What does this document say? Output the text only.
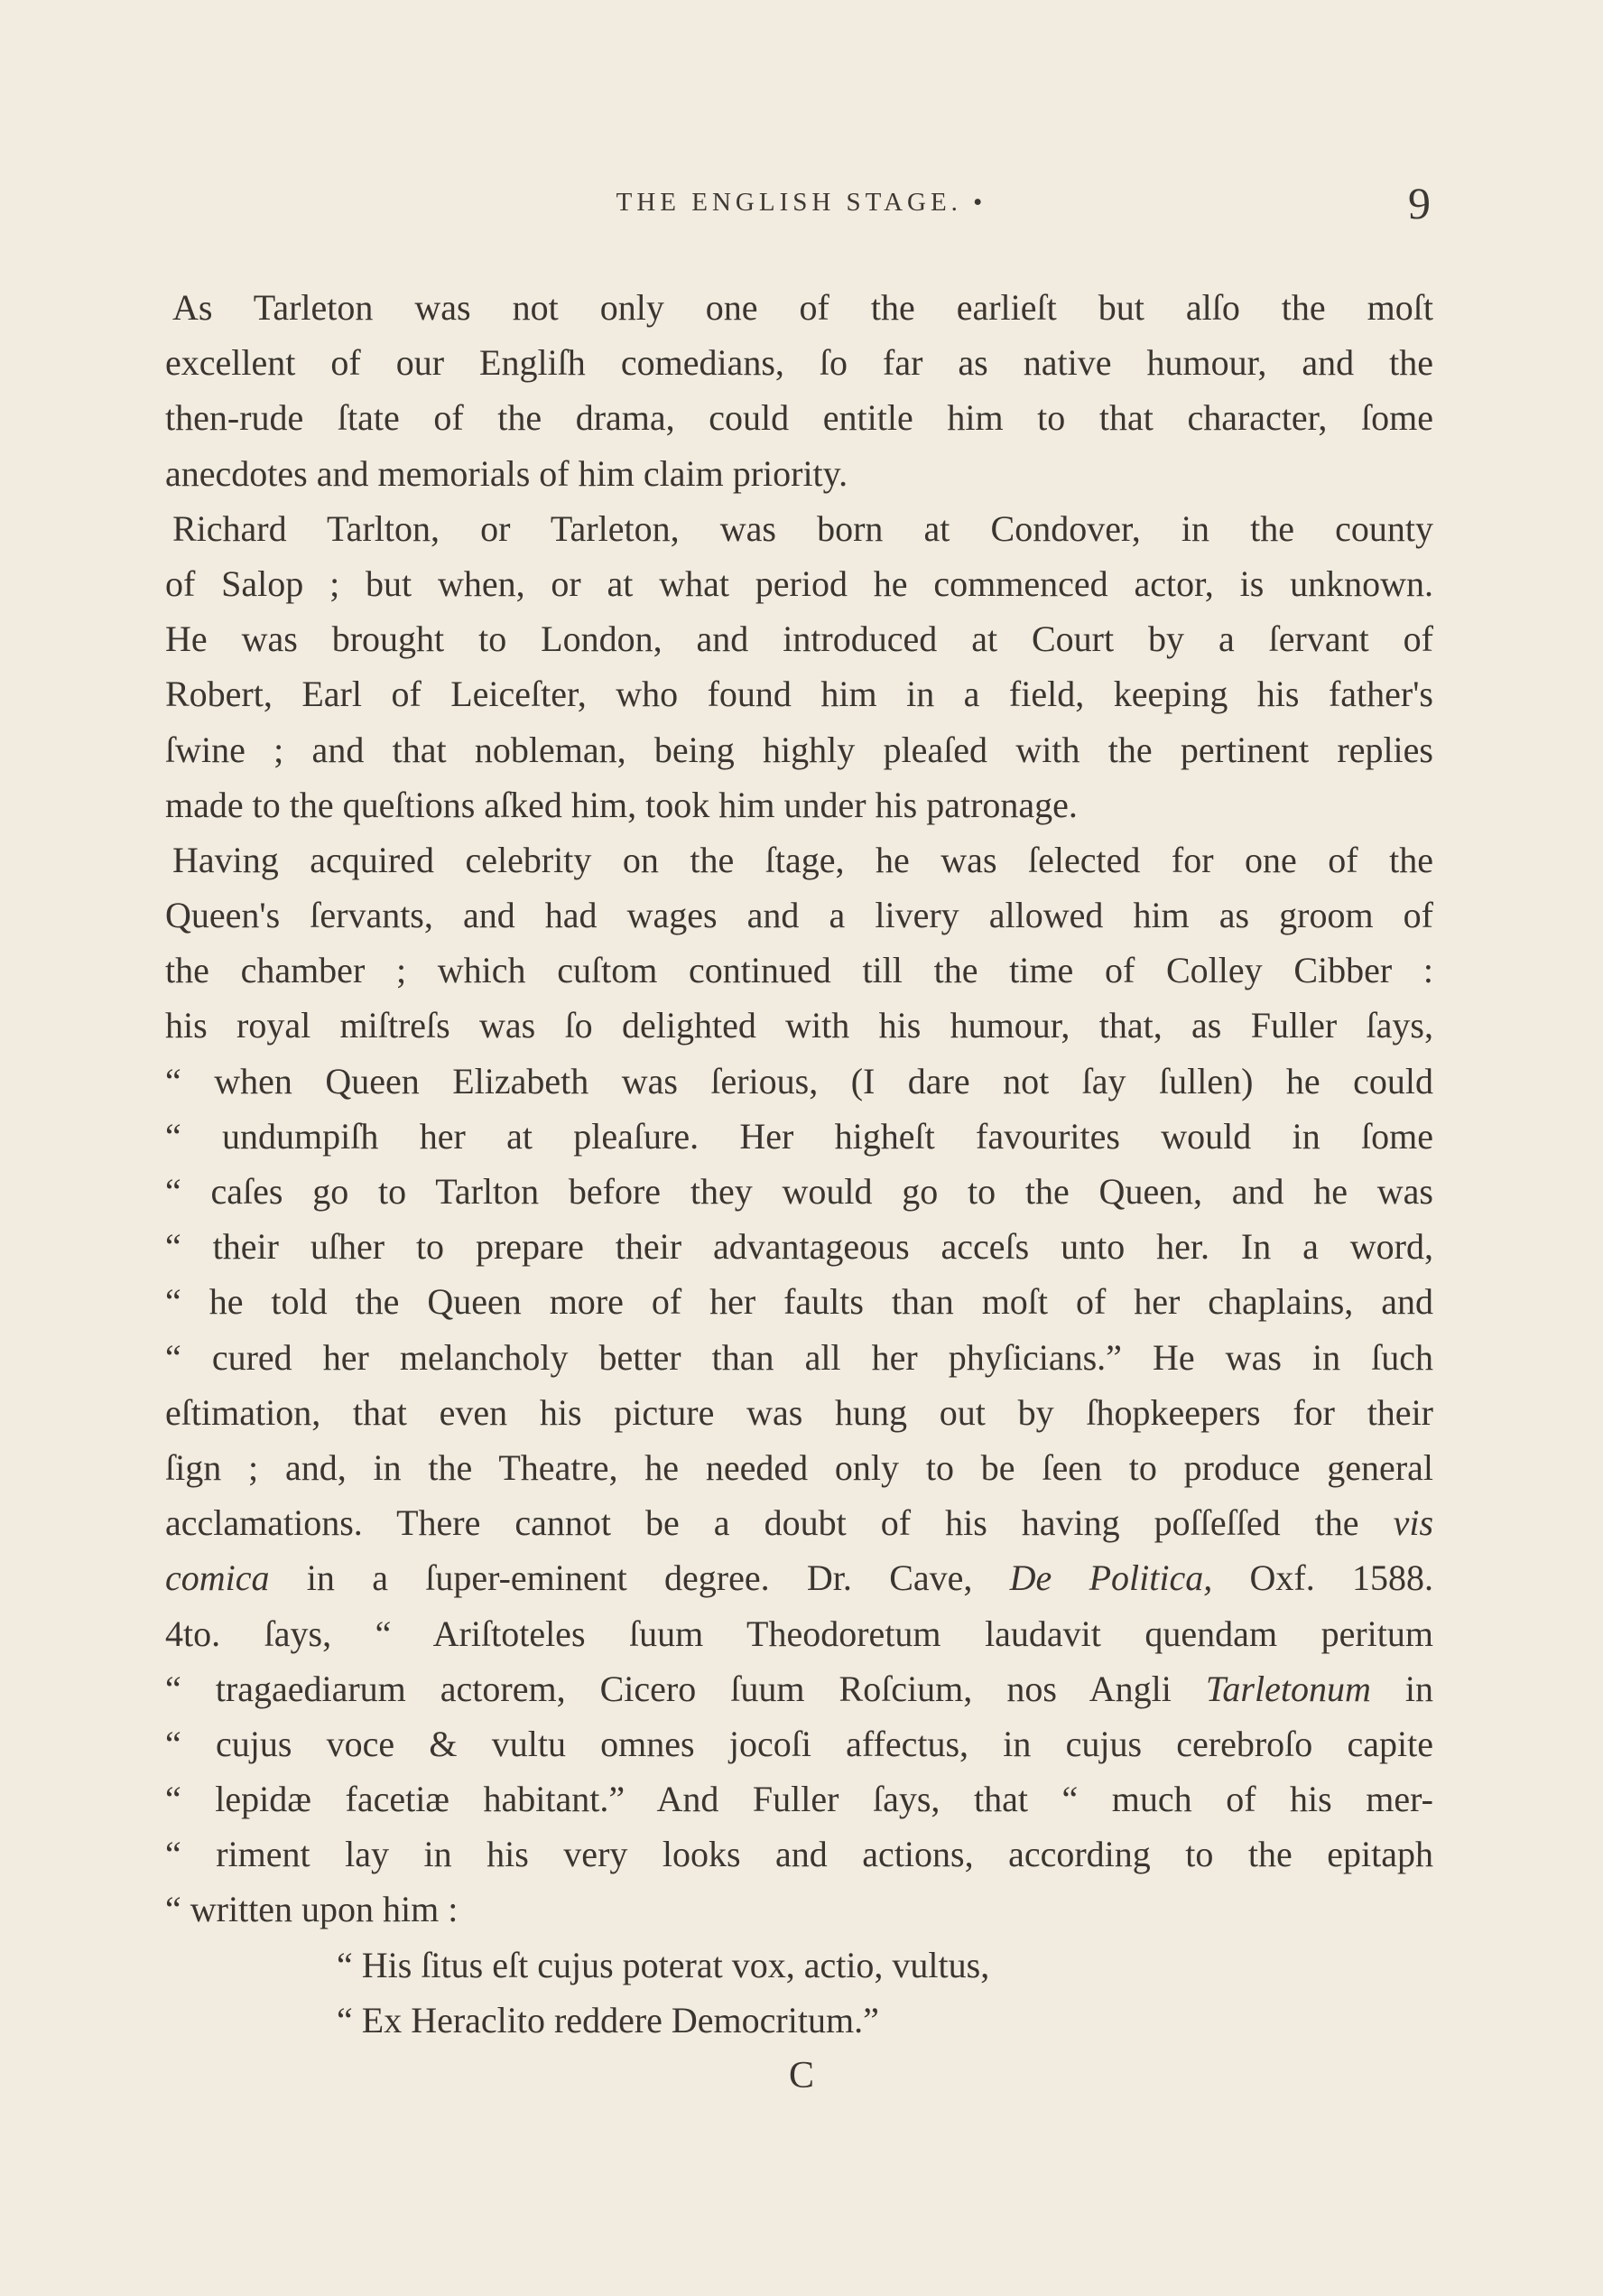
THE ENGLISH STAGE. •	9
As Tarleton was not only one of the earlieſt but alſo the moſt
excellent of our Engliſh comedians, ſo far as native humour, and the
then-rude ſtate of the drama, could entitle him to that character, ſome
anecdotes and memorials of him claim priority.
Richard Tarlton, or Tarleton, was born at Condover, in the county
of Salop ; but when, or at what period he commenced actor, is unknown.
He was brought to London, and introduced at Court by a ſervant of
Robert, Earl of Leiceſter, who found him in a field, keeping his father's
ſwine ; and that nobleman, being highly pleaſed with the pertinent replies
made to the queſtions aſked him, took him under his patronage.
Having acquired celebrity on the ſtage, he was ſelected for one of the
Queen's ſervants, and had wages and a livery allowed him as groom of
the chamber ; which cuſtom continued till the time of Colley Cibber :
his royal miſtreſs was ſo delighted with his humour, that, as Fuller ſays,
“ when Queen Elizabeth was ſerious, (I dare not ſay ſullen) he could
“ undumpiſh her at pleaſure. Her higheſt favourites would in ſome
“ caſes go to Tarlton before they would go to the Queen, and he was
“ their uſher to prepare their advantageous acceſs unto her. In a word,
“ he told the Queen more of her faults than moſt of her chaplains, and
“ cured her melancholy better than all her phyſicians.” He was in ſuch
eſtimation, that even his picture was hung out by ſhopkeepers for their
ſign ; and, in the Theatre, he needed only to be ſeen to produce general
acclamations. There cannot be a doubt of his having poſſeſſed the vis
comica in a ſuper-eminent degree. Dr. Cave, De Politica, Oxf. 1588.
4to. ſays, “ Ariſtoteles ſuum Theodoretum laudavit quendam peritum
“ tragaediarum actorem, Cicero ſuum Roſcium, nos Angli Tarletonum in
“ cujus voce & vultu omnes jocoſi affectus, in cujus cerebroſo capite
“ lepidæ facetiæ habitant.” And Fuller ſays, that “ much of his mer-
“ riment lay in his very looks and actions, according to the epitaph
“ written upon him :
“ His ſitus eſt cujus poterat vox, actio, vultus,
“ Ex Heraclito reddere Democritum.”
C
